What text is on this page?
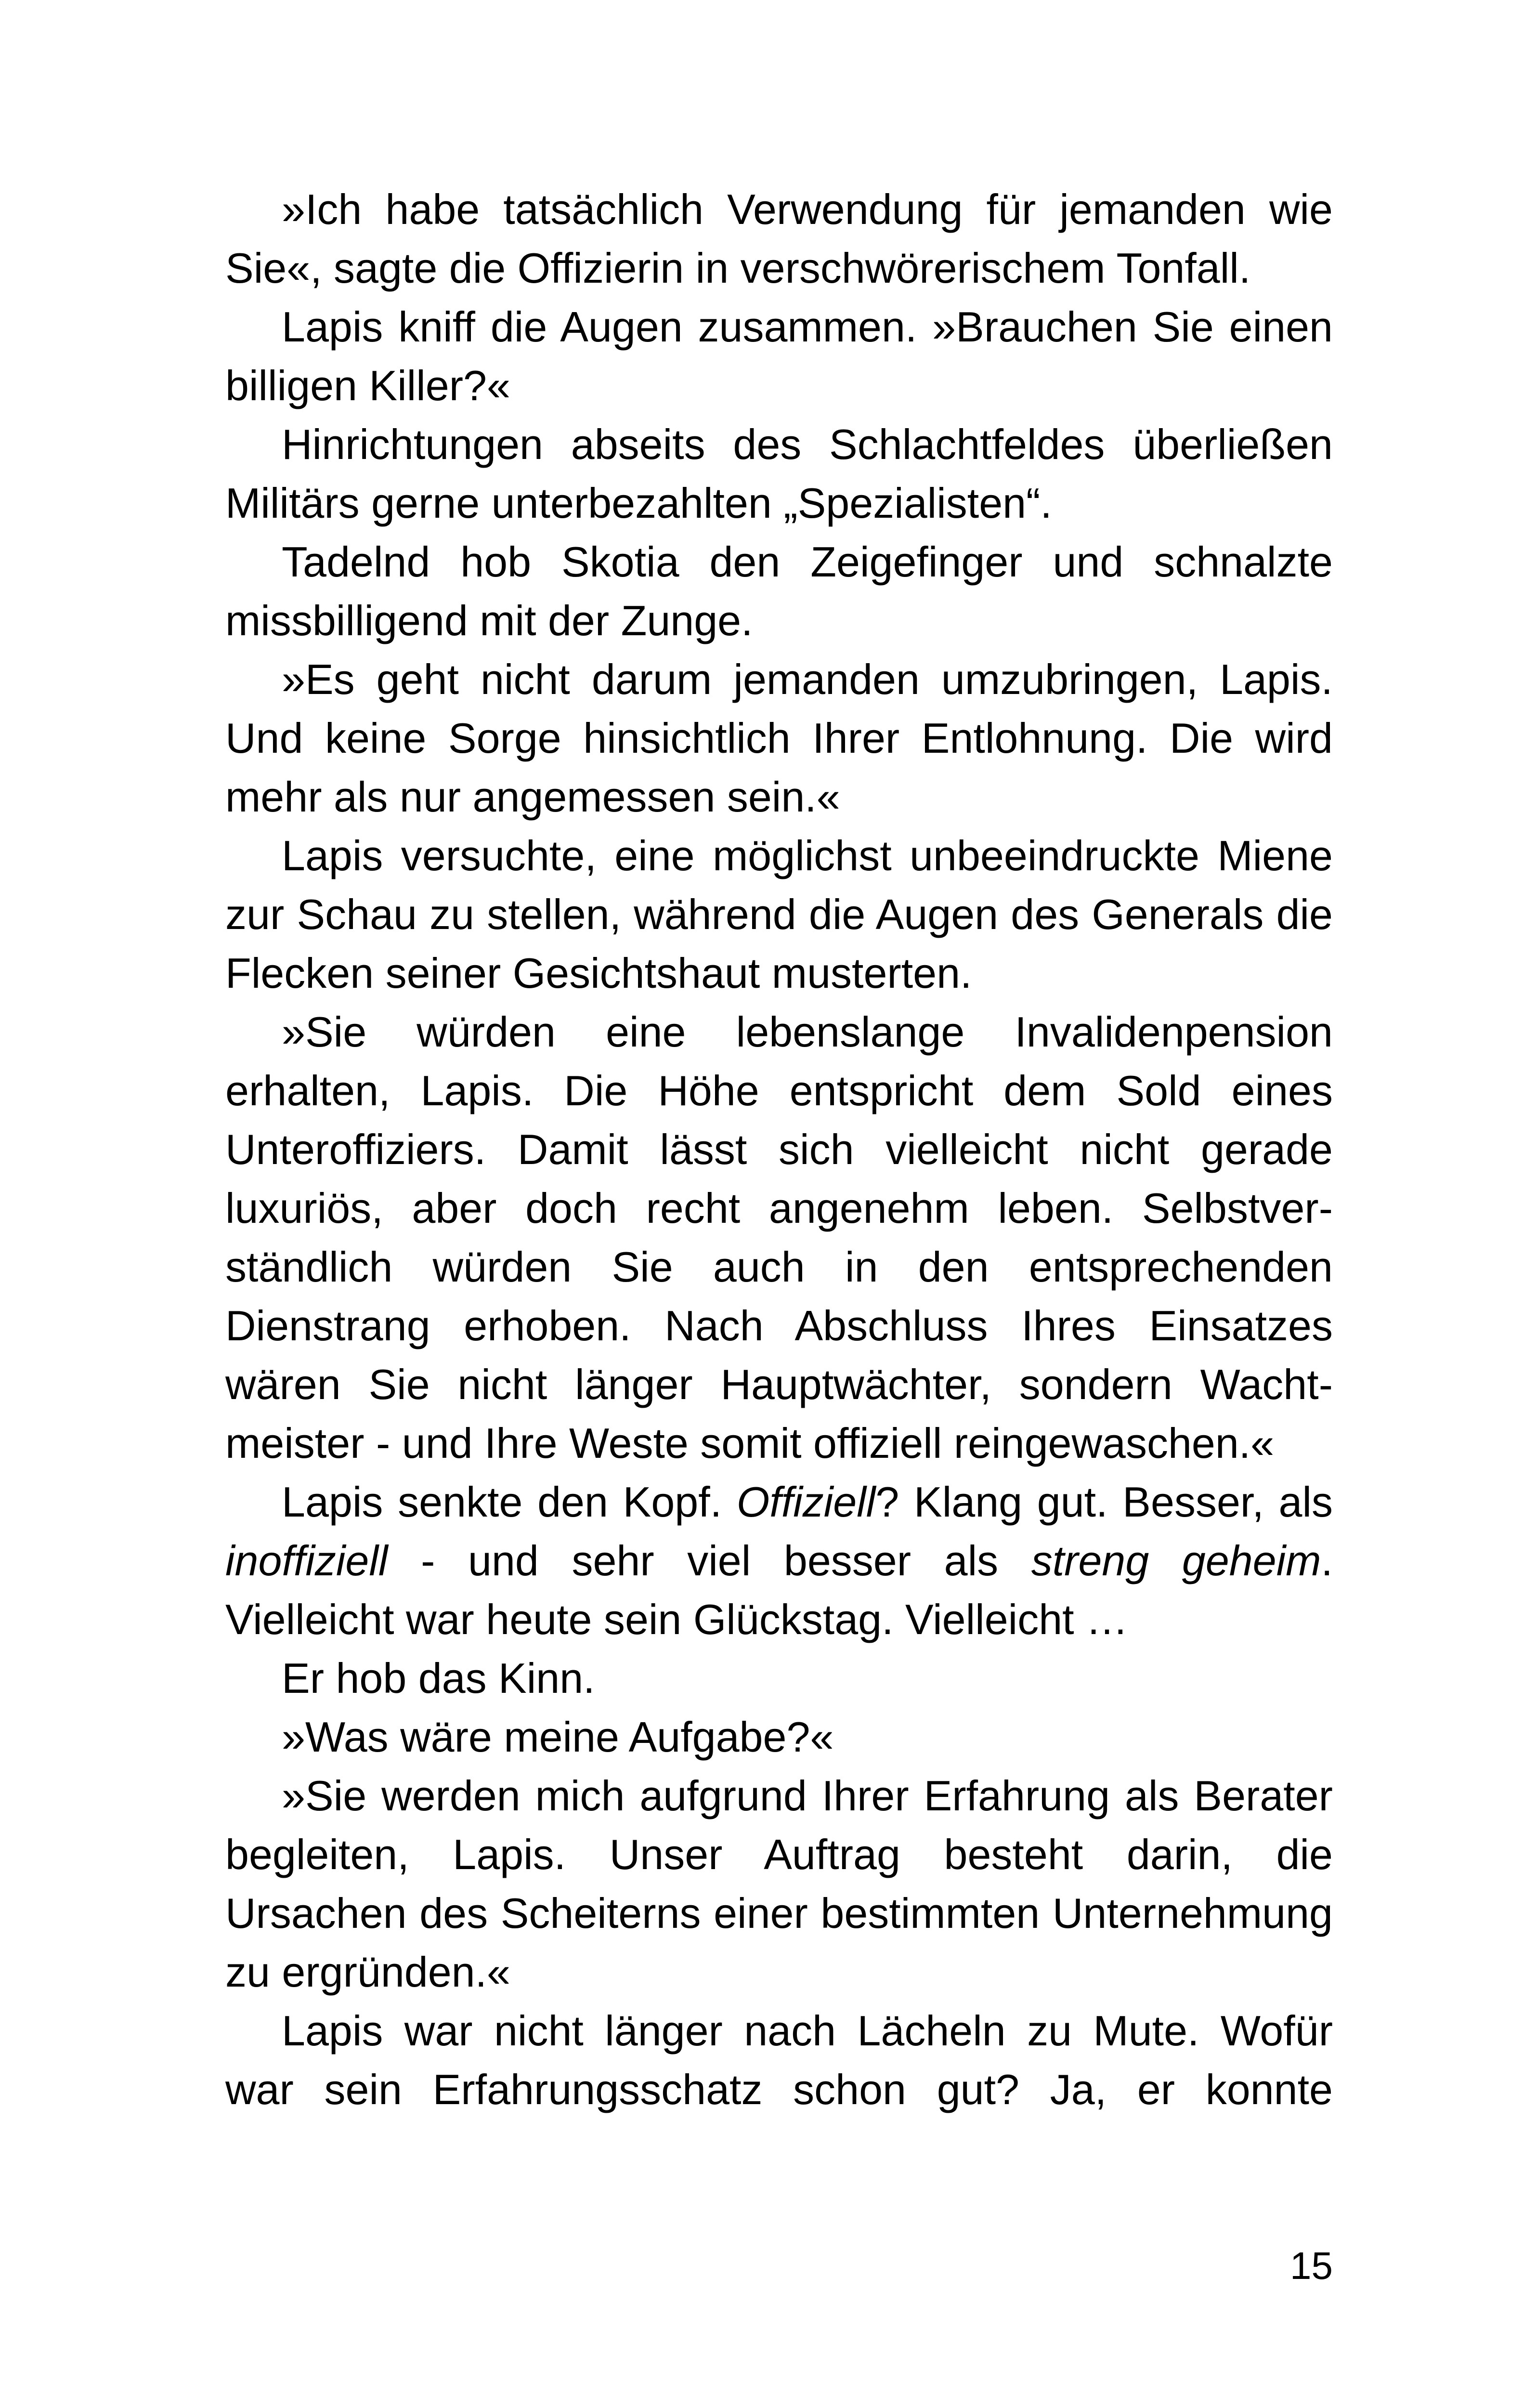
»Ich habe tatsächlich Verwendung für jemanden wie Sie«, sagte die Offizierin in verschwörerischem Tonfall.

Lapis kniff die Augen zusammen. »Brauchen Sie einen billigen Killer?«

Hinrichtungen abseits des Schlachtfeldes überließen Militärs gerne unterbezahlten „Spezialisten“.

Tadelnd hob Skotia den Zeigefinger und schnalzte missbilligend mit der Zunge.

»Es geht nicht darum jemanden umzubringen, Lapis. Und keine Sorge hinsichtlich Ihrer Entlohnung. Die wird mehr als nur angemessen sein.«

Lapis versuchte, eine möglichst unbeeindruckte Miene zur Schau zu stellen, während die Augen des Generals die Flecken seiner Gesichtshaut musterten.

»Sie würden eine lebenslange Invalidenpension erhalten, Lapis. Die Höhe entspricht dem Sold eines Unteroffiziers. Damit lässt sich vielleicht nicht gerade luxuriös, aber doch recht angenehm leben. Selbstverständlich würden Sie auch in den entsprechenden Dienstrang erhoben. Nach Abschluss Ihres Einsatzes wären Sie nicht länger Hauptwächter, sondern Wachtmeister - und Ihre Weste somit offiziell reingewaschen.«

Lapis senkte den Kopf. Offiziell? Klang gut. Besser, als inoffiziell - und sehr viel besser als streng geheim. Vielleicht war heute sein Glückstag. Vielleicht …

Er hob das Kinn.

»Was wäre meine Aufgabe?«

»Sie werden mich aufgrund Ihrer Erfahrung als Berater begleiten, Lapis. Unser Auftrag besteht darin, die Ursachen des Scheiterns einer bestimmten Unternehmung zu ergründen.«

Lapis war nicht länger nach Lächeln zu Mute. Wofür war sein Erfahrungsschatz schon gut? Ja, er konnte

15
